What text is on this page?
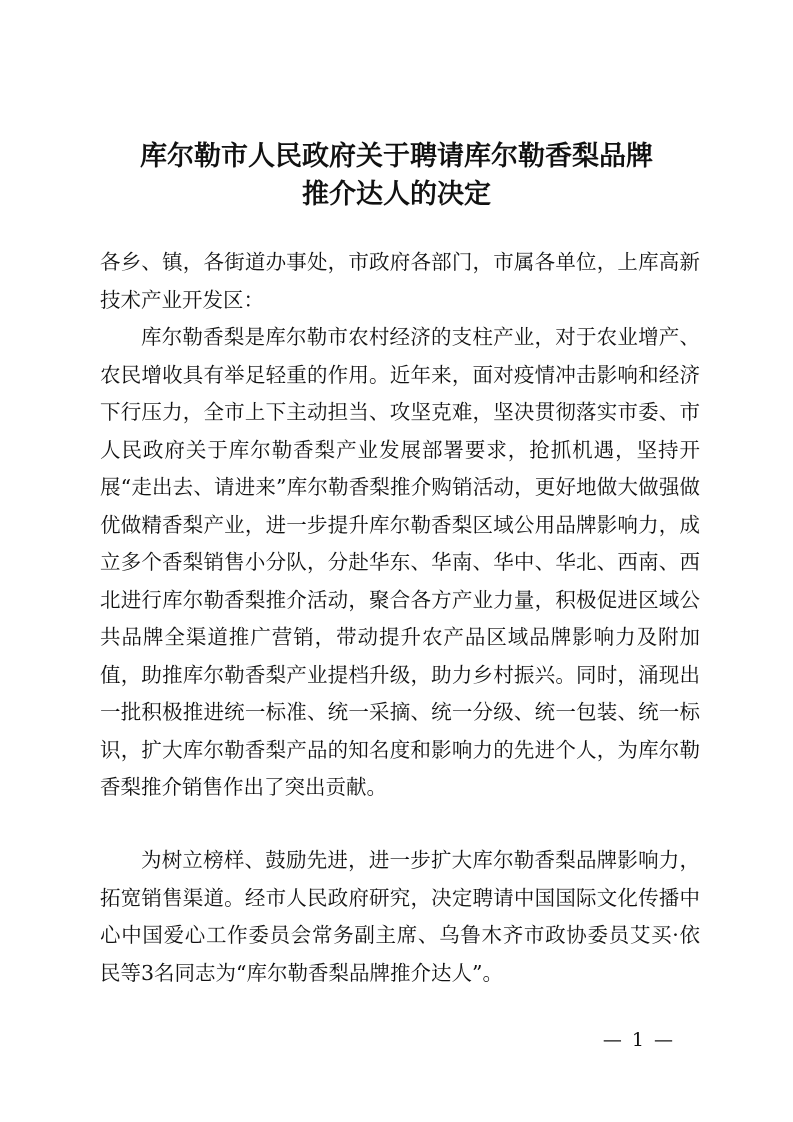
库尔勒市人民政府关于聘请库尔勒香梨品牌
推介达人的决定
各乡、镇，各街道办事处，市政府各部门，市属各单位，上库高新技术产业开发区：
库尔勒香梨是库尔勒市农村经济的支柱产业，对于农业增产、农民增收具有举足轻重的作用。近年来，面对疫情冲击影响和经济下行压力，全市上下主动担当、攻坚克难，坚决贯彻落实市委、市人民政府关于库尔勒香梨产业发展部署要求，抢抓机遇，坚持开展“走出去、请进来”库尔勒香梨推介购销活动，更好地做大做强做优做精香梨产业，进一步提升库尔勒香梨区域公用品牌影响力，成立多个香梨销售小分队，分赴华东、华南、华中、华北、西南、西北进行库尔勒香梨推介活动，聚合各方产业力量，积极促进区域公共品牌全渠道推广营销，带动提升农产品区域品牌影响力及附加值，助推库尔勒香梨产业提档升级，助力乡村振兴。同时，涌现出一批积极推进统一标准、统一采摘、统一分级、统一包装、统一标识，扩大库尔勒香梨产品的知名度和影响力的先进个人，为库尔勒香梨推介销售作出了突出贡献。
为树立榜样、鼓励先进，进一步扩大库尔勒香梨品牌影响力，拓宽销售渠道。经市人民政府研究，决定聘请中国国际文化传播中心中国爱心工作委员会常务副主席、乌鲁木齐市政协委员艾买·依民等3名同志为“库尔勒香梨品牌推介达人”。
— 1 —
